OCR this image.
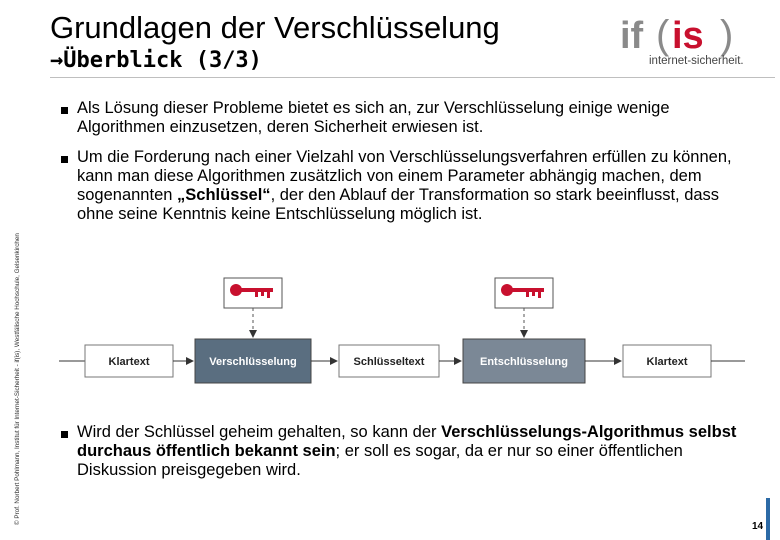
Grundlagen der Verschlüsselung
→Überblick (3/3)
if ( is )
internet-sicherheit.
© Prof. Norbert Pohlmann, Institut für Internet-Sicherheit - if(is), Westfälische Hochschule, Gelsenkirchen
Als Lösung dieser Probleme bietet es sich an, zur Verschlüsselung einige wenige Algorithmen einzusetzen, deren Sicherheit erwiesen ist.
Um die Forderung nach einer Vielzahl von Verschlüsselungsverfahren erfüllen zu können, kann man diese Algorithmen zusätzlich von einem Parameter abhängig machen, dem sogenannten „Schlüssel“, der den Ablauf der Transformation so stark beeinflusst, dass ohne seine Kenntnis keine Entschlüsselung möglich ist.
Klartext	Verschlüsselung	Schlüsseltext	Entschlüsselung	Klartext
Wird der Schlüssel geheim gehalten, so kann der Verschlüsselungs-Algorithmus selbst durchaus öffentlich bekannt sein; er soll es sogar, da er nur so einer öffentlichen Diskussion preisgegeben wird.
14
